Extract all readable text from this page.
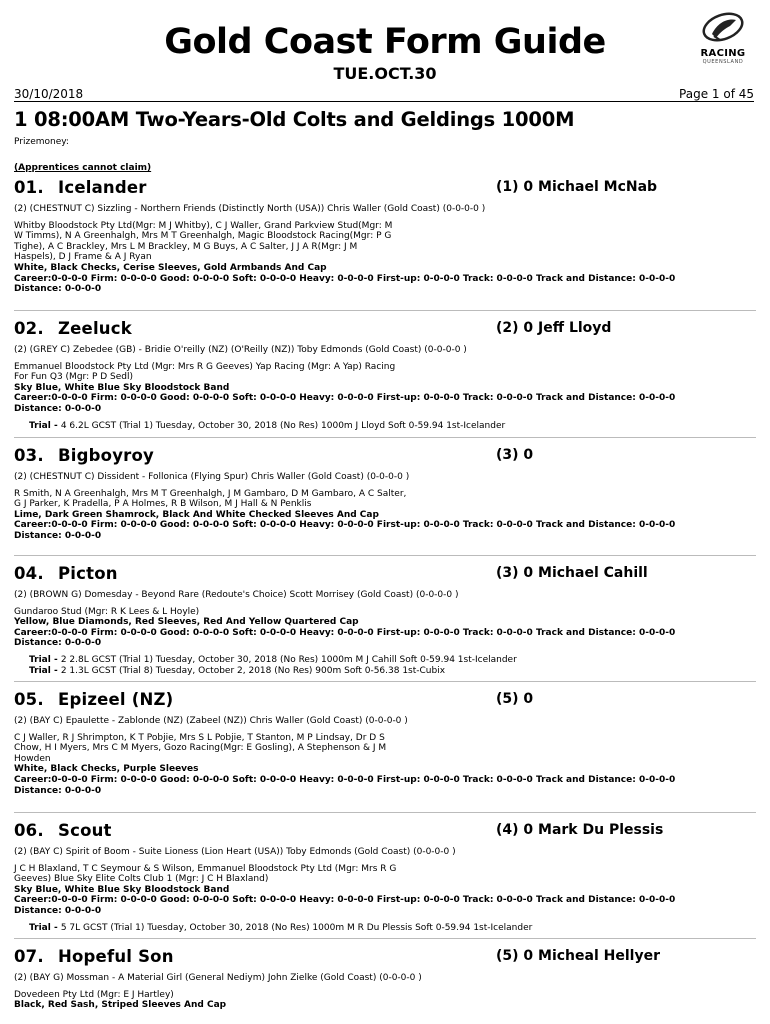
Gold Coast Form Guide
TUE.OCT.30
RACING
QUEENSLAND
30/10/2018	Page 1 of 45
1 08:00AM Two-Years-Old Colts and Geldings 1000M
Prizemoney:
(Apprentices cannot claim)
01. Icelander	(1) 0 Michael McNab
(2) (CHESTNUT C) Sizzling - Northern Friends (Distinctly North (USA)) Chris Waller (Gold Coast) (0-0-0-0 )
Whitby Bloodstock Pty Ltd(Mgr: M J Whitby), C J Waller, Grand Parkview Stud(Mgr: M
W Timms), N A Greenhalgh, Mrs M T Greenhalgh, Magic Bloodstock Racing(Mgr: P G
Tighe), A C Brackley, Mrs L M Brackley, M G Buys, A C Salter, J J A R(Mgr: J M
Haspels), D J Frame & A J Ryan
White, Black Checks, Cerise Sleeves, Gold Armbands And Cap
Career:0-0-0-0 Firm: 0-0-0-0 Good: 0-0-0-0 Soft: 0-0-0-0 Heavy: 0-0-0-0 First-up: 0-0-0-0 Track: 0-0-0-0 Track and Distance: 0-0-0-0
Distance: 0-0-0-0
02. Zeeluck	(2) 0 Jeff Lloyd
(2) (GREY C) Zebedee (GB) - Bridie O'reilly (NZ) (O'Reilly (NZ)) Toby Edmonds (Gold Coast) (0-0-0-0 )
Emmanuel Bloodstock Pty Ltd (Mgr: Mrs R G Geeves) Yap Racing (Mgr: A Yap) Racing
For Fun Q3 (Mgr: P D Sedl)
Sky Blue, White Blue Sky Bloodstock Band
Career:0-0-0-0 Firm: 0-0-0-0 Good: 0-0-0-0 Soft: 0-0-0-0 Heavy: 0-0-0-0 First-up: 0-0-0-0 Track: 0-0-0-0 Track and Distance: 0-0-0-0
Distance: 0-0-0-0
Trial - 4 6.2L GCST (Trial 1) Tuesday, October 30, 2018 (No Res) 1000m J Lloyd Soft 0-59.94 1st-Icelander
03. Bigboyroy	(3) 0
(2) (CHESTNUT C) Dissident - Follonica (Flying Spur) Chris Waller (Gold Coast) (0-0-0-0 )
R Smith, N A Greenhalgh, Mrs M T Greenhalgh, J M Gambaro, D M Gambaro, A C Salter,
G J Parker, K Pradella, P A Holmes, R B Wilson, M J Hall & N Penklis
Lime, Dark Green Shamrock, Black And White Checked Sleeves And Cap
Career:0-0-0-0 Firm: 0-0-0-0 Good: 0-0-0-0 Soft: 0-0-0-0 Heavy: 0-0-0-0 First-up: 0-0-0-0 Track: 0-0-0-0 Track and Distance: 0-0-0-0
Distance: 0-0-0-0
04. Picton	(3) 0 Michael Cahill
(2) (BROWN G) Domesday - Beyond Rare (Redoute's Choice) Scott Morrisey (Gold Coast) (0-0-0-0 )
Gundaroo Stud (Mgr: R K Lees & L Hoyle)
Yellow, Blue Diamonds, Red Sleeves, Red And Yellow Quartered Cap
Career:0-0-0-0 Firm: 0-0-0-0 Good: 0-0-0-0 Soft: 0-0-0-0 Heavy: 0-0-0-0 First-up: 0-0-0-0 Track: 0-0-0-0 Track and Distance: 0-0-0-0
Distance: 0-0-0-0
Trial - 2 2.8L GCST (Trial 1) Tuesday, October 30, 2018 (No Res) 1000m M J Cahill Soft 0-59.94 1st-Icelander
Trial - 2 1.3L GCST (Trial 8) Tuesday, October 2, 2018 (No Res) 900m Soft 0-56.38 1st-Cubix
05. Epizeel (NZ)	(5) 0
(2) (BAY C) Epaulette - Zablonde (NZ) (Zabeel (NZ)) Chris Waller (Gold Coast) (0-0-0-0 )
C J Waller, R J Shrimpton, K T Pobjie, Mrs S L Pobjie, T Stanton, M P Lindsay, Dr D S
Chow, H I Myers, Mrs C M Myers, Gozo Racing(Mgr: E Gosling), A Stephenson & J M
Howden
White, Black Checks, Purple Sleeves
Career:0-0-0-0 Firm: 0-0-0-0 Good: 0-0-0-0 Soft: 0-0-0-0 Heavy: 0-0-0-0 First-up: 0-0-0-0 Track: 0-0-0-0 Track and Distance: 0-0-0-0
Distance: 0-0-0-0
06. Scout	(4) 0 Mark Du Plessis
(2) (BAY C) Spirit of Boom - Suite Lioness (Lion Heart (USA)) Toby Edmonds (Gold Coast) (0-0-0-0 )
J C H Blaxland, T C Seymour & S Wilson, Emmanuel Bloodstock Pty Ltd (Mgr: Mrs R G
Geeves) Blue Sky Elite Colts Club 1 (Mgr: J C H Blaxland)
Sky Blue, White Blue Sky Bloodstock Band
Career:0-0-0-0 Firm: 0-0-0-0 Good: 0-0-0-0 Soft: 0-0-0-0 Heavy: 0-0-0-0 First-up: 0-0-0-0 Track: 0-0-0-0 Track and Distance: 0-0-0-0
Distance: 0-0-0-0
Trial - 5 7L GCST (Trial 1) Tuesday, October 30, 2018 (No Res) 1000m M R Du Plessis Soft 0-59.94 1st-Icelander
07. Hopeful Son	(5) 0 Micheal Hellyer
(2) (BAY G) Mossman - A Material Girl (General Nediym) John Zielke (Gold Coast) (0-0-0-0 )
Dovedeen Pty Ltd (Mgr: E J Hartley)
Black, Red Sash, Striped Sleeves And Cap
